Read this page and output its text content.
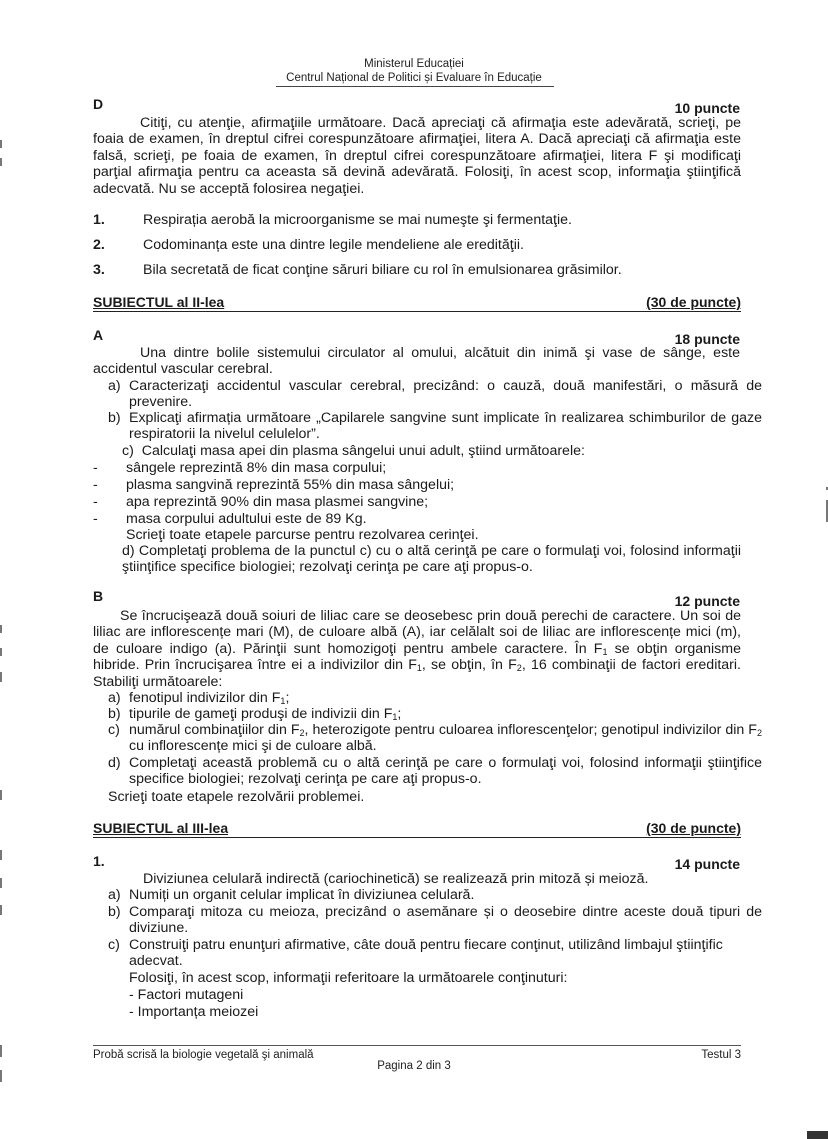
Ministerul Educației
Centrul Național de Politici și Evaluare în Educație
D	10 puncte
Citiţi, cu atenţie, afirmaţiile următoare. Dacă apreciaţi că afirmaţia este adevărată, scrieţi, pe foaia de examen, în dreptul cifrei corespunzătoare afirmaţiei, litera A. Dacă apreciaţi că afirmaţia este falsă, scrieţi, pe foaia de examen, în dreptul cifrei corespunzătoare afirmaţiei, litera F şi modificaţi parţial afirmaţia pentru ca aceasta să devină adevărată. Folosiţi, în acest scop, informaţia ştiinţifică adecvată. Nu se acceptă folosirea negaţiei.
1.	Respirația aerobă la microorganisme se mai numeşte şi fermentaţie.
2.	Codominanța este una dintre legile mendeliene ale eredităţii.
3.	Bila secretată de ficat conţine săruri biliare cu rol în emulsionarea grăsimilor.
SUBIECTUL al II-lea	(30 de puncte)
A	18 puncte
Una dintre bolile sistemului circulator al omului, alcătuit din inimă şi vase de sânge, este accidentul vascular cerebral.
a) Caracterizaţi accidentul vascular cerebral, precizând: o cauză, două manifestări, o măsură de prevenire.
b) Explicaţi afirmația următoare „Capilarele sangvine sunt implicate în realizarea schimburilor de gaze respiratorii la nivelul celulelor”.
c) Calculaţi masa apei din plasma sângelui unui adult, ştiind următoarele:
- sângele reprezintă 8% din masa corpului;
- plasma sangvină reprezintă 55% din masa sângelui;
- apa reprezintă 90% din masa plasmei sangvine;
- masa corpului adultului este de 89 Kg.
Scrieţi toate etapele parcurse pentru rezolvarea cerinţei.
d) Completaţi problema de la punctul c) cu o altă cerinţă pe care o formulaţi voi, folosind informaţii ştiinţifice specifice biologiei; rezolvaţi cerinţa pe care aţi propus-o.
B	12 puncte
Se încrucişează două soiuri de liliac care se deosebesc prin două perechi de caractere. Un soi de liliac are inflorescențe mari (M), de culoare albă (A), iar celălalt soi de liliac are inflorescențe mici (m), de culoare indigo (a). Părinţii sunt homozigoţi pentru ambele caractere. În $F_1$ se obţin organisme hibride. Prin încrucişarea între ei a indivizilor din $F_1$, se obţin, în $F_2$, 16 combinaţii de factori ereditari. Stabiliţi următoarele:
a) fenotipul indivizilor din $F_1$;
b) tipurile de gameţi produşi de indivizii din $F_1$;
c) numărul combinaţiilor din $F_2$, heterozigote pentru culoarea inflorescenţelor; genotipul indivizilor din $F_2$ cu inflorescențe mici şi de culoare albă.
d) Completaţi această problemă cu o altă cerinţă pe care o formulaţi voi, folosind informaţii ştiinţifice specifice biologiei; rezolvaţi cerinţa pe care aţi propus-o.
Scrieţi toate etapele rezolvării problemei.
SUBIECTUL al III-lea	(30 de puncte)
1.	14 puncte
Diviziunea celulară indirectă (cariochinetică) se realizează prin mitoză și meioză.
a) Numiți un organit celular implicat în diviziunea celulară.
b) Comparaţi mitoza cu meioza, precizând o asemănare și o deosebire dintre aceste două tipuri de diviziune.
c) Construiţi patru enunţuri afirmative, câte două pentru fiecare conţinut, utilizând limbajul ştiinţific adecvat.
Folosiţi, în acest scop, informaţii referitoare la următoarele conţinuturi:
- Factori mutageni
- Importanța meiozei
Probă scrisă la biologie vegetală şi animală
Pagina 2 din 3
Testul 3
